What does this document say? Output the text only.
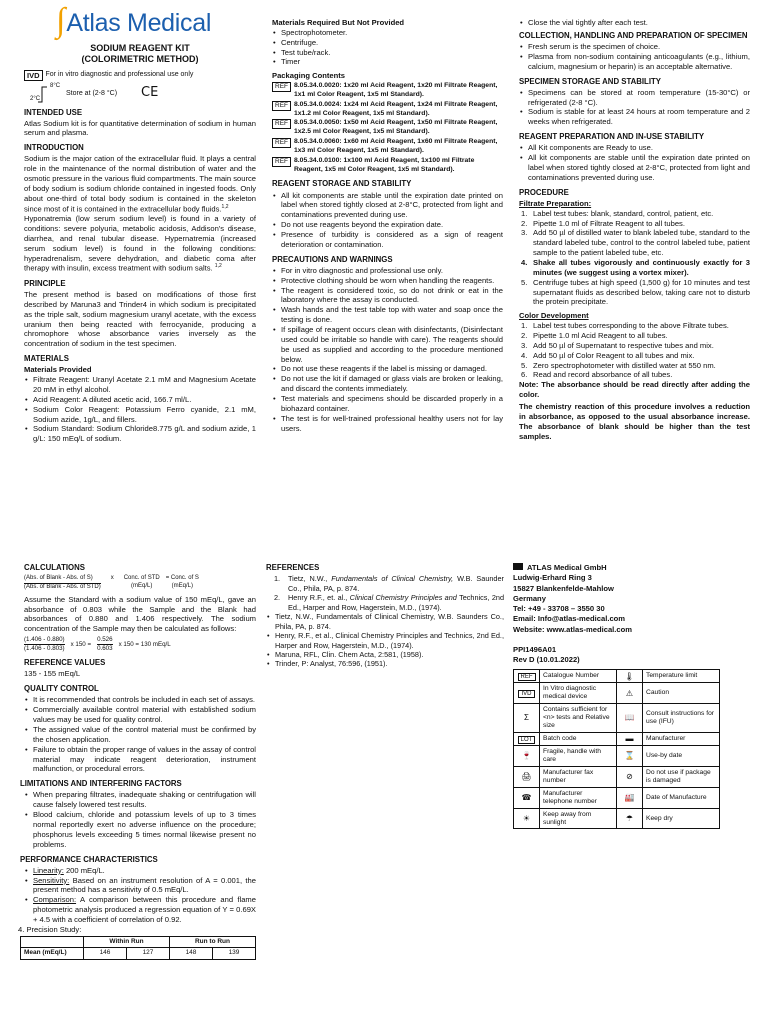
∫ Atlas Medical
SODIUM REAGENT KIT
(COLORIMETRIC METHOD)
IVD For in vitro diagnostic and professional use only
8°C
2°C
Store at (2-8 °C) CE
INTENDED USE

Atlas Sodium kit is for quantitative determination of sodium in human serum and plasma.

INTRODUCTION

Sodium is the major cation of the extracellular fluid. It plays a central role in the maintenance of the normal distribution of water and the osmotic pressure in the various fluid compartments. The main source of body sodium is sodium chloride contained in ingested foods. Only about one-third of total body sodium is contained in the skeleton since most of it is contained in the extracellular body fluids.$^{1,2}$

Hyponatremia (low serum sodium level) is found in a variety of conditions: severe polyuria, metabolic acidosis, Addison's disease, diarrhea, and renal tubular disease. Hypernatremia (increased serum sodium level) is found in the following conditions: hyperadrenalism, severe dehydration, and diabetic coma after therapy with insulin, excess treatment with sodium salts. $^{1,2}$

PRINCIPLE

The present method is based on modifications of those first described by Maruna3 and Trinder4 in which sodium is precipitated as the triple salt, sodium magnesium uranyl acetate, with the excess uranium then being reacted with ferrocyanide, producing a chromophore whose absorbance varies inversely as the concentration of sodium in the test specimen.

MATERIALS
Materials Provided
• Filtrate Reagent: Uranyl Acetate 2.1 mM and Magnesium Acetate 20 mM in ethyl alcohol.
• Acid Reagent: A diluted acetic acid, 166.7 ml/L.
• Sodium Color Reagent: Potassium Ferro cyanide, 2.1 mM, Sodium azide, 1g/L, and fillers.
• Sodium Standard: Sodium Chloride8.775 g/L and sodium azide, 1 g/L: 150 mEq/L of sodium.
Materials Required But Not Provided
• Spectrophotometer.
• Centrifuge.
• Test tube/rack.
• Timer
Packaging Contents
REF 8.05.34.0.0020: 1x20 ml Acid Reagent, 1x20 ml Filtrate Reagent, 1x1 ml Color Reagent, 1x5 ml Standard).
REF 8.05.34.0.0024: 1x24 ml Acid Reagent, 1x24 ml Filtrate Reagent, 1x1.2 ml Color Reagent, 1x5 ml Standard).
REF 8.05.34.0.0050: 1x50 ml Acid Reagent, 1x50 ml Filtrate Reagent, 1x2.5 ml Color Reagent, 1x5 ml Standard).
REF 8.05.34.0.0060: 1x60 ml Acid Reagent, 1x60 ml Filtrate Reagent, 1x3 ml Color Reagent, 1x5 ml Standard).
REF 8.05.34.0.0100: 1x100 ml Acid Reagent, 1x100 ml Filtrate Reagent, 1x5 ml Color Reagent, 1x5 ml Standard).
REAGENT STORAGE AND STABILITY
• All kit components are stable until the expiration date printed on label when stored tightly closed at 2-8°C, protected from light and contaminations prevented during use.
• Do not use reagents beyond the expiration date.
• Presence of turbidity is considered as a sign of reagent deterioration or contamination.
PRECAUTIONS AND WARNINGS
• For in vitro diagnostic and professional use only.
• Protective clothing should be worn when handling the reagents.
• The reagent is considered toxic, so do not drink or eat in the laboratory where the assay is conducted.
• Wash hands and the test table top with water and soap once the testing is done.
• If spillage of reagent occurs clean with disinfectants, (Disinfectant used could be irritable so handle with care). The reagents should be used as supplied and according to the procedure mentioned below.
• Do not use these reagents if the label is missing or damaged.
• Do not use the kit if damaged or glass vials are broken or leaking, and discard the contents immediately.
• Test materials and specimens should be discarded properly in a biohazard container.
• The test is for well-trained professional healthy users not for lay users.
• Close the vial tightly after each test.
COLLECTION, HANDLING AND PREPARATION OF SPECIMEN
• Fresh serum is the specimen of choice.
• Plasma from non-sodium containing anticoagulants (e.g., lithium, calcium, magnesium or heparin) is an acceptable alternative.
SPECIMEN STORAGE AND STABILITY
• Specimens can be stored at room temperature (15-30°C) or refrigerated (2-8 °C).
• Sodium is stable for at least 24 hours at room temperature and 2 weeks when refrigerated.
REAGENT PREPARATION AND IN-USE STABILITY
• All Kit components are Ready to use.
• All kit components are stable until the expiration date printed on label when stored tightly closed at 2-8°C, protected from light and contaminations prevented during use.
PROCEDURE
Filtrate Preparation:
1. Label test tubes: blank, standard, control, patient, etc.
2. Pipette 1.0 ml of Filtrate Reagent to all tubes.
3. Add 50 µl of distilled water to blank labeled tube, standard to the standard labeled tube, control to the control labeled tube, patient sample to the patient labeled tube, etc.
4. Shake all tubes vigorously and continuously exactly for 3 minutes (we suggest using a vortex mixer).
5. Centrifuge tubes at high speed (1,500 g) for 10 minutes and test supernatant fluids as described below, taking care not to disturb the protein precipitate.
Color Development
1. Label test tubes corresponding to the above Filtrate tubes.
2. Pipette 1.0 ml Acid Reagent to all tubes.
3. Add 50 µl of Supernatant to respective tubes and mix.
4. Add 50 µl of Color Reagent to all tubes and mix.
5. Zero spectrophotometer with distilled water at 550 nm.
6. Read and record absorbance of all tubes.

Note: The absorbance should be read directly after adding the color.

The chemistry reaction of this procedure involves a reduction in absorbance, as opposed to the usual absorbance increase. The absorbance of blank should be higher than the test samples.

CALCULATIONS
(Abs. of Blank - Abs. of S)
(Abs. of Blank - Abs. of STD)
x Conc. of STD
(mEq/L)
= Conc. of S
(mEq/L)

Assume the Standard with a sodium value of 150 mEq/L, gave an absorbance of 0.803 while the Sample and the Blank had absorbances of 0.880 and 1.406 respectively. The sodium concentration of the Sample may then be calculated as follows:

$\frac{(1.406 - 0.880)}{(1.406 - 0.803)}$ x $150 = \frac{0.526}{0.603}$ x 150 = 130 mEq/L
REFERENCE VALUES

135 - 155 mEq/L

QUALITY CONTROL
• It is recommended that controls be included in each set of assays.
• Commercially available control material with established sodium values may be used for quality control.
• The assigned value of the control material must be confirmed by the chosen application.
• Failure to obtain the proper range of values in the assay of control material may indicate reagent deterioration, instrument malfunction, or procedural errors.
LIMITATIONS AND INTERFERING FACTORS
• When preparing filtrates, inadequate shaking or centrifugation will cause falsely lowered test results.
• Blood calcium, chloride and potassium levels of up to 3 times normal reportedly exert no adverse influence on the procedure; phosphorus levels exceeding 5 times normal likewise present no problems.
PERFORMANCE CHARACTERISTICS
• Linearity: 200 mEq/L.
• Sensitivity: Based on an instrument resolution of A = 0.001, the present method has a sensitivity of 0.5 mEq/L.
• Comparison: A comparison between this procedure and flame photometric analysis produced a regression equation of Y = 0.69X + 4.5 with a coefficient of correlation of 0.92.
4. Precision Study:
	Within Run		Run to Run	
Mean (mEq/L)	146	127	148	139
REFERENCES
1. Tietz, N.W., Fundamentals of Clinical Chemistry, W.B. Saunder Co., Phila, PA, p. 874.
2. Henry R.F., et. al., Clinical Chemistry Principles and Technics, 2nd Ed., Harper and Row, Hagerstein, M.D., (1974).
• Tietz, N.W., Fundamentals of Clinical Chemistry, W.B. Saunders Co., Phila, PA, p. 874.
• Henry, R.F., et al., Clinical Chemistry Principles and Technics, 2nd Ed., Harper and Row, Hagerstein, M.D., (1974).
• Maruna, RFL, Clin. Chem Acta, 2:581, (1958).
• Trinder, P: Analyst, 76:596, (1951).
ATLAS Medical GmbH
Ludwig-Erhard Ring 3
15827 Blankenfelde-Mahlow
Germany
Tel: +49 - 33708 – 3550 30
Email: Info@atlas-medical.com
Website: www.atlas-medical.com
PPI1496A01
Rev D (10.01.2022)
REF	Catalogue Number	🌡	Temperature limit
IVD	In Vitro diagnostic medical device	⚠	Caution
Σ	Contains sufficient for <n> tests and Relative size	📖	Consult instructions for use (IFU)
LOT	Batch code	▬	Manufacturer
🍷	Fragile, handle with care	⌛	Use-by date
🖨	Manufacturer fax number	⊘	Do not use if package is damaged
☎	Manufacturer telephone number	🏭	Date of Manufacture
☀	Keep away from sunlight	☂	Keep dry
